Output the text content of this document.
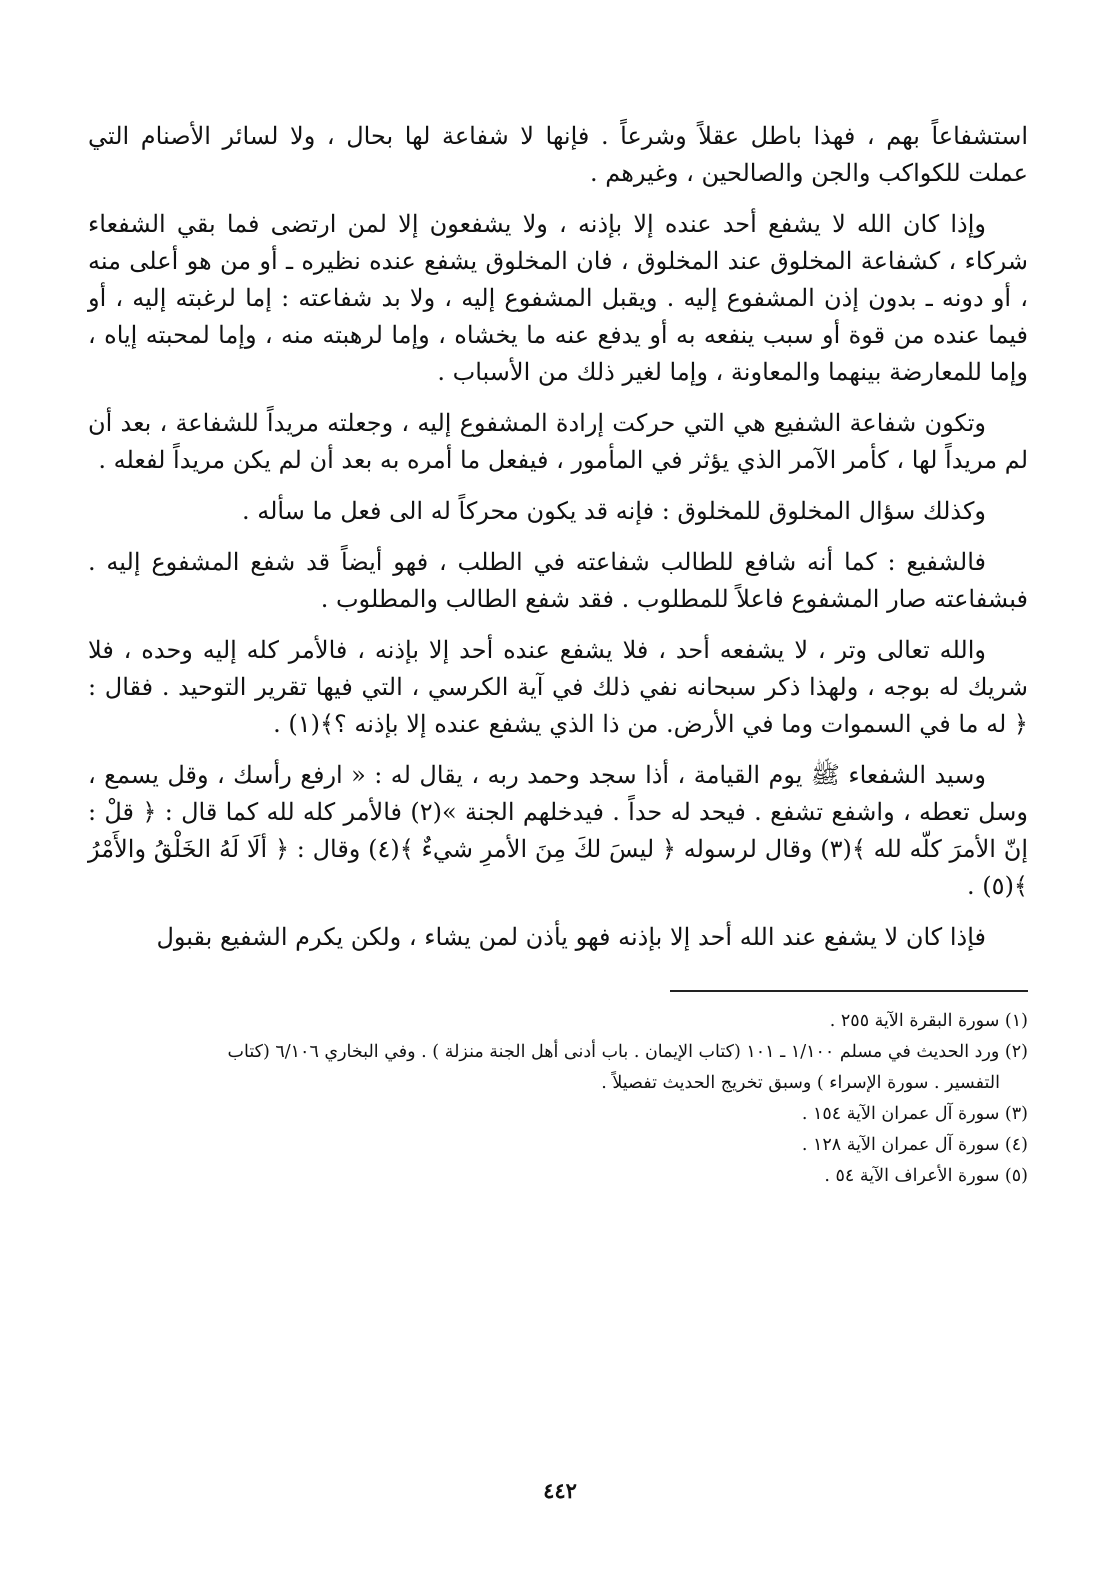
استشفاعاً بهم ، فهذا باطل عقلاً وشرعاً . فإنها لا شفاعة لها بحال ، ولا لسائر الأصنام التي عملت للكواكب والجن والصالحين ، وغيرهم .

وإذا كان الله لا يشفع أحد عنده إلا بإذنه ، ولا يشفعون إلا لمن ارتضى فما بقي الشفعاء شركاء ، كشفاعة المخلوق عند المخلوق ، فان المخلوق يشفع عنده نظيره ـ أو من هو أعلى منه ، أو دونه ـ بدون إذن المشفوع إليه . ويقبل المشفوع إليه ، ولا بد شفاعته : إما لرغبته إليه ، أو فيما عنده من قوة أو سبب ينفعه به أو يدفع عنه ما يخشاه ، وإما لرهبته منه ، وإما لمحبته إياه ، وإما للمعارضة بينهما والمعاونة ، وإما لغير ذلك من الأسباب .

وتكون شفاعة الشفيع هي التي حركت إرادة المشفوع إليه ، وجعلته مريداً للشفاعة ، بعد أن لم مريداً لها ، كأمر الآمر الذي يؤثر في المأمور ، فيفعل ما أمره به بعد أن لم يكن مريداً لفعله .

وكذلك سؤال المخلوق للمخلوق : فإنه قد يكون محركاً له الى فعل ما سأله .

فالشفيع : كما أنه شافع للطالب شفاعته في الطلب ، فهو أيضاً قد شفع المشفوع إليه . فبشفاعته صار المشفوع فاعلاً للمطلوب . فقد شفع الطالب والمطلوب .

والله تعالى وتر ، لا يشفعه أحد ، فلا يشفع عنده أحد إلا بإذنه ، فالأمر كله إليه وحده ، فلا شريك له بوجه ، ولهذا ذكر سبحانه نفي ذلك في آية الكرسي ، التي فيها تقرير التوحيد . فقال : ﴿ له ما في السموات وما في الأرض. من ذا الذي يشفع عنده إلا بإذنه ؟﴾(١) .

وسيد الشفعاء ﷺ يوم القيامة ، أذا سجد وحمد ربه ، يقال له : « ارفع رأسك ، وقل يسمع ، وسل تعطه ، واشفع تشفع . فيحد له حداً . فيدخلهم الجنة »(٢) فالأمر كله لله كما قال : ﴿ قلْ : إنّ الأمرَ كلّه لله ﴾(٣) وقال لرسوله ﴿ ليسَ لكَ مِنَ الأمرِ شيءٌ ﴾(٤) وقال : ﴿ ألَا لَهُ الخَلْقُ والأَمْرُ ﴾(٥) .

فإذا كان لا يشفع عند الله أحد إلا بإذنه فهو يأذن لمن يشاء ، ولكن يكرم الشفيع بقبول

(١) سورة البقرة الآية ٢٥٥ .

(٢) ورد الحديث في مسلم ١/١٠٠ ـ ١٠١ (كتاب الإيمان . باب أدنى أهل الجنة منزلة ) . وفي البخاري ٦/١٠٦ (كتاب

التفسير . سورة الإسراء ) وسبق تخريج الحديث تفصيلاً .

(٣) سورة آل عمران الآية ١٥٤ .

(٤) سورة آل عمران الآية ١٢٨ .

(٥) سورة الأعراف الآية ٥٤ .

٤٤٢
